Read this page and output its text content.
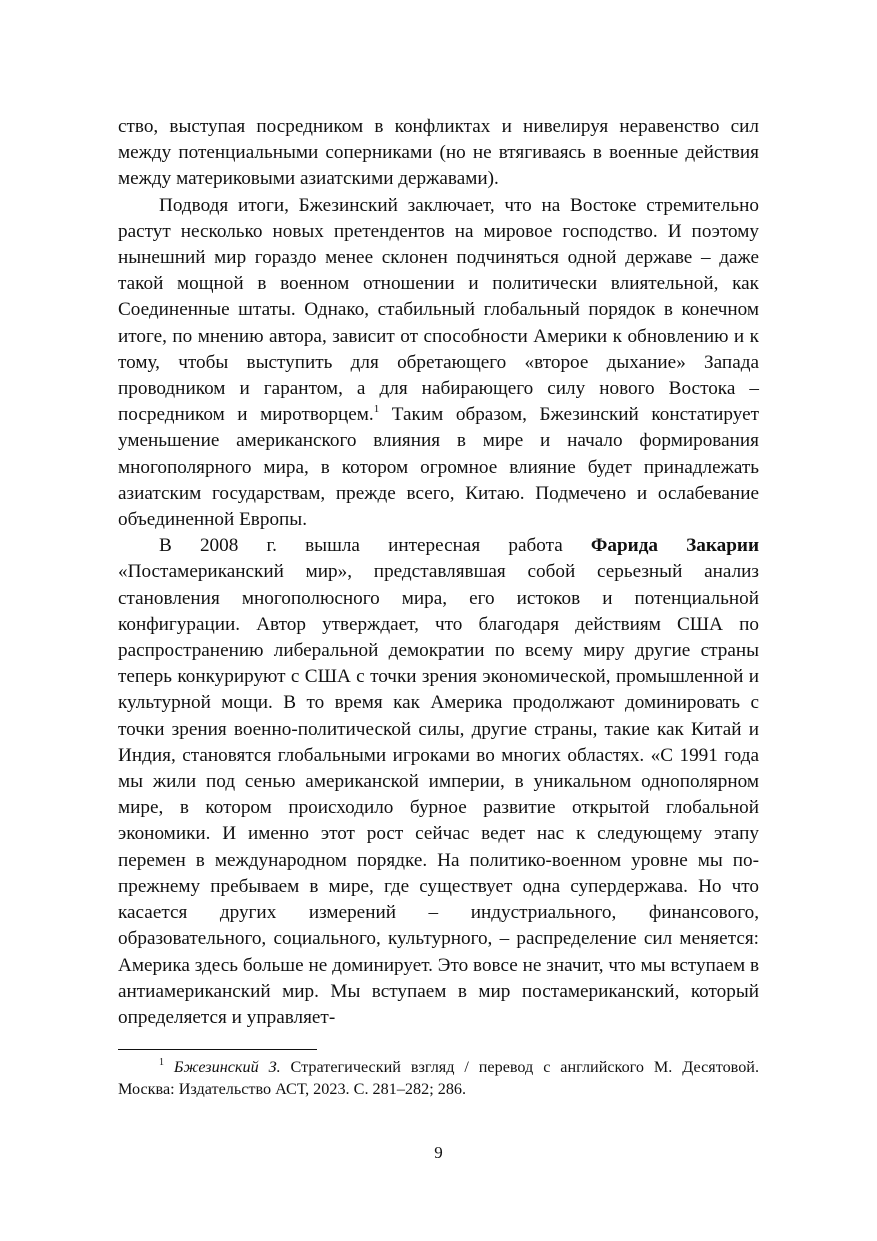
ство, выступая посредником в конфликтах и нивелируя неравенство сил между потенциальными соперниками (но не втягиваясь в военные действия между материковыми азиатскими державами).

Подводя итоги, Бжезинский заключает, что на Востоке стремительно растут несколько новых претендентов на мировое господство. И поэтому нынешний мир гораздо менее склонен подчиняться одной державе – даже такой мощной в военном отношении и политически влиятельной, как Соединенные штаты. Однако, стабильный глобальный порядок в конечном итоге, по мнению автора, зависит от способности Америки к обновлению и к тому, чтобы выступить для обретающего «второе дыхание» Запада проводником и гарантом, а для набирающего силу нового Востока – посредником и миротворцем.$^1$ Таким образом, Бжезинский констатирует уменьшение американского влияния в мире и начало формирования многополярного мира, в котором огромное влияние будет принадлежать азиатским государствам, прежде всего, Китаю. Подмечено и ослабевание объединенной Европы.

В 2008 г. вышла интересная работа Фарида Закарии «Постамериканский мир», представлявшая собой серьезный анализ становления многополюсного мира, его истоков и потенциальной конфигурации. Автор утверждает, что благодаря действиям США по распространению либеральной демократии по всему миру другие страны теперь конкурируют с США с точки зрения экономической, промышленной и культурной мощи. В то время как Америка продолжают доминировать с точки зрения военно-политической силы, другие страны, такие как Китай и Индия, становятся глобальными игроками во многих областях. «С 1991 года мы жили под сенью американской империи, в уникальном однополярном мире, в котором происходило бурное развитие открытой глобальной экономики. И именно этот рост сейчас ведет нас к следующему этапу перемен в международном порядке. На политико-военном уровне мы по-прежнему пребываем в мире, где существует одна супердержава. Но что касается других измерений – индустриального, финансового, образовательного, социального, культурного, – распределение сил меняется: Америка здесь больше не доминирует. Это вовсе не значит, что мы вступаем в антиамериканский мир. Мы вступаем в мир постамериканский, который определяется и управляет-

$^1$ Бжезинский З. Стратегический взгляд / перевод с английского М. Десятовой. Москва: Издательство АСТ, 2023. С. 281–282; 286.

9
